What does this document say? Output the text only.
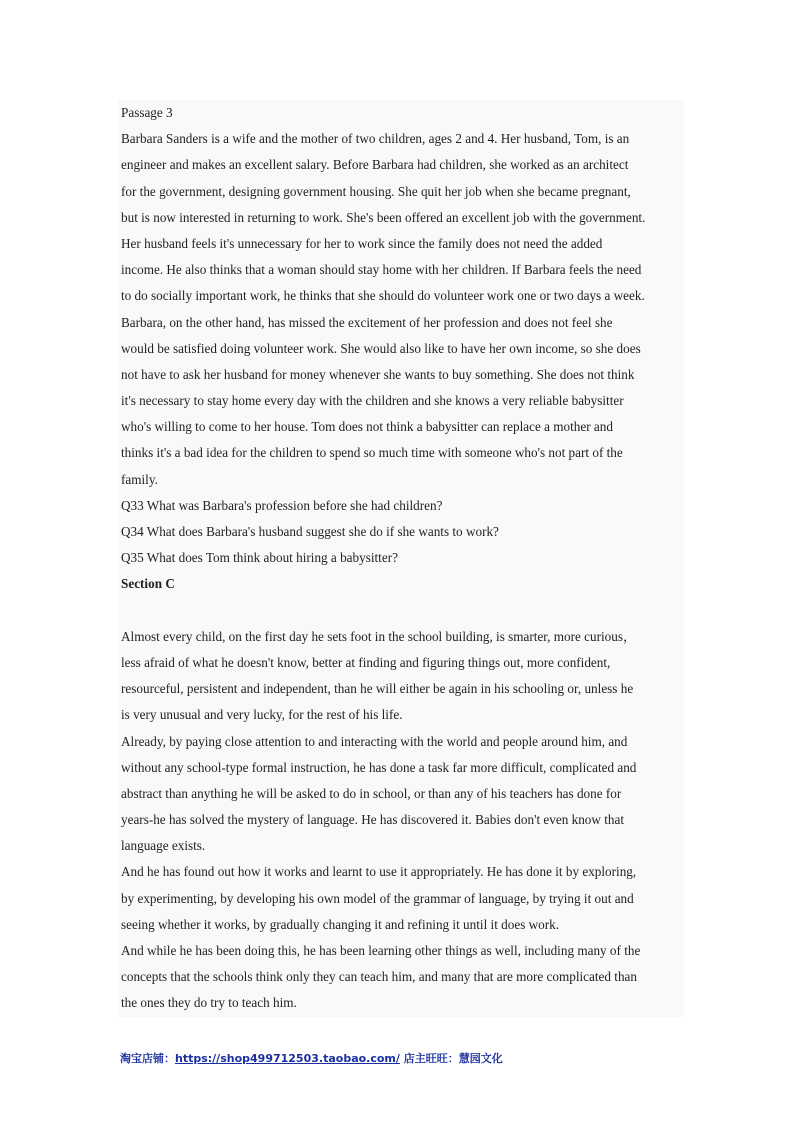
Passage 3
Barbara Sanders is a wife and the mother of two children, ages 2 and 4. Her husband, Tom, is an
engineer and makes an excellent salary. Before Barbara had children, she worked as an architect
for the government, designing government housing. She quit her job when she became pregnant,
but is now interested in returning to work. She's been offered an excellent job with the government.
Her husband feels it's unnecessary for her to work since the family does not need the added
income. He also thinks that a woman should stay home with her children. If Barbara feels the need
to do socially important work, he thinks that she should do volunteer work one or two days a week.
Barbara, on the other hand, has missed the excitement of her profession and does not feel she
would be satisfied doing volunteer work. She would also like to have her own income, so she does
not have to ask her husband for money whenever she wants to buy something. She does not think
it's necessary to stay home every day with the children and she knows a very reliable babysitter
who's willing to come to her house. Tom does not think a babysitter can replace a mother and
thinks it's a bad idea for the children to spend so much time with someone who's not part of the
family.
Q33 What was Barbara's profession before she had children?
Q34 What does Barbara's husband suggest she do if she wants to work?
Q35 What does Tom think about hiring a babysitter?
Section C
Almost every child, on the first day he sets foot in the school building, is smarter, more curious，
less afraid of what he doesn't know, better at finding and figuring things out, more confident,
resourceful, persistent and independent, than he will either be again in his schooling or, unless he
is very unusual and very lucky, for the rest of his life.
Already, by paying close attention to and interacting with the world and people around him, and
without any school-type formal instruction, he has done a task far more difficult, complicated and
abstract than anything he will be asked to do in school, or than any of his teachers has done for
years-he has solved the mystery of language. He has discovered it. Babies don't even know that
language exists.
And he has found out how it works and learnt to use it appropriately. He has done it by exploring,
by experimenting, by developing his own model of the grammar of language, by trying it out and
seeing whether it works, by gradually changing it and refining it until it does work.
And while he has been doing this, he has been learning other things as well, including many of the
concepts that the schools think only they can teach him, and many that are more complicated than
the ones they do try to teach him.
淘宝店铺：https://shop499712503.taobao.com/ 店主旺旺：慧园文化
